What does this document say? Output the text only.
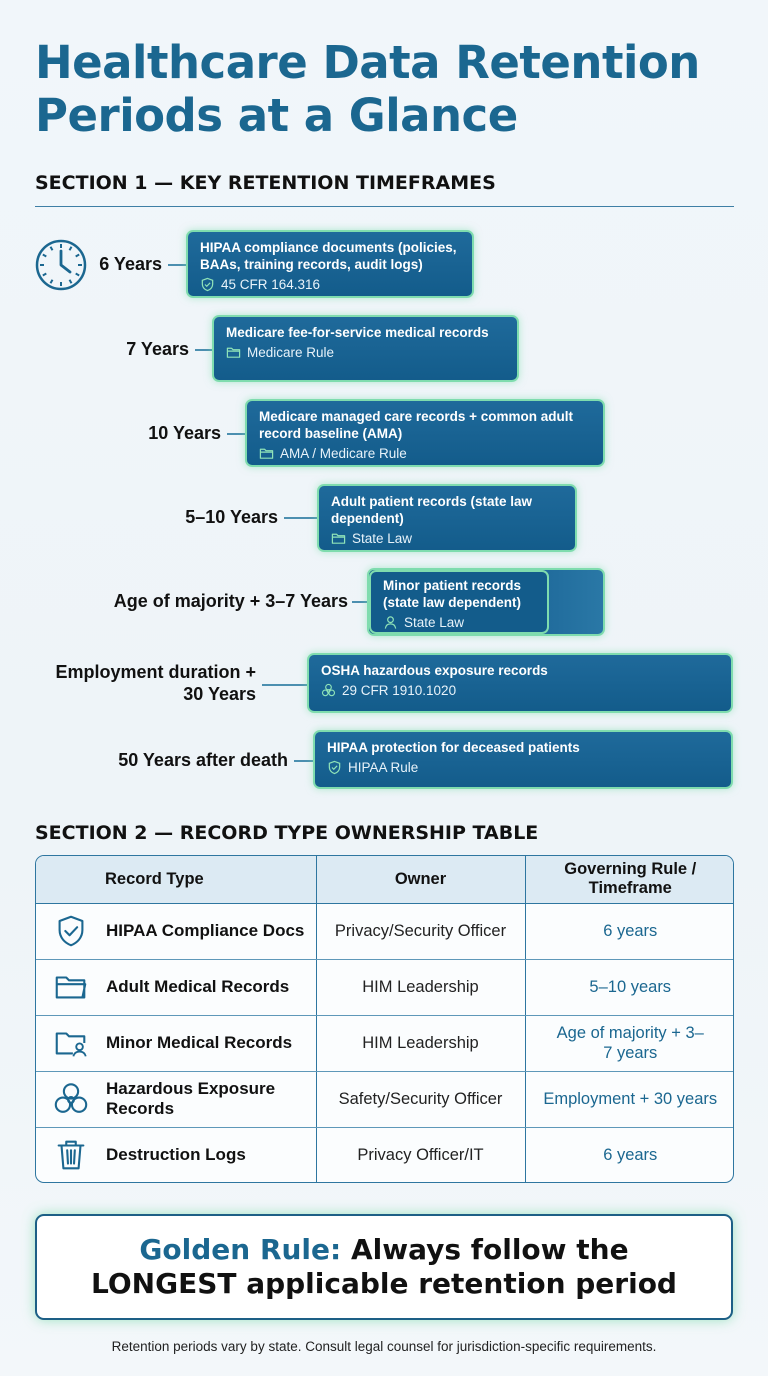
Healthcare Data Retention Periods at a Glance
SECTION 1 — KEY RETENTION TIMEFRAMES
6 Years
HIPAA compliance documents (policies, BAAs, training records, audit logs)
45 CFR 164.316
7 Years
Medicare fee-for-service medical records
Medicare Rule
10 Years
Medicare managed care records + common adult record baseline (AMA)
AMA / Medicare Rule
5–10 Years
Adult patient records (state law dependent)
State Law
Age of majority + 3–7 Years
Minor patient records (state law dependent)
State Law
Employment duration + 30 Years
OSHA hazardous exposure records
29 CFR 1910.1020
50 Years after death
HIPAA protection for deceased patients
HIPAA Rule
SECTION 2 — RECORD TYPE OWNERSHIP TABLE
Record Type	Owner	Governing Rule / Timeframe

HIPAA Compliance Docs	Privacy/Security Officer	6 years

Adult Medical Records	HIM Leadership	5–10 years

Minor Medical Records	HIM Leadership	Age of majority + 3–7 years

Hazardous Exposure Records	Safety/Security Officer	Employment + 30 years

Destruction Logs	Privacy Officer/IT	6 years
Golden Rule: Always follow the LONGEST applicable retention period
Retention periods vary by state. Consult legal counsel for jurisdiction-specific requirements.
